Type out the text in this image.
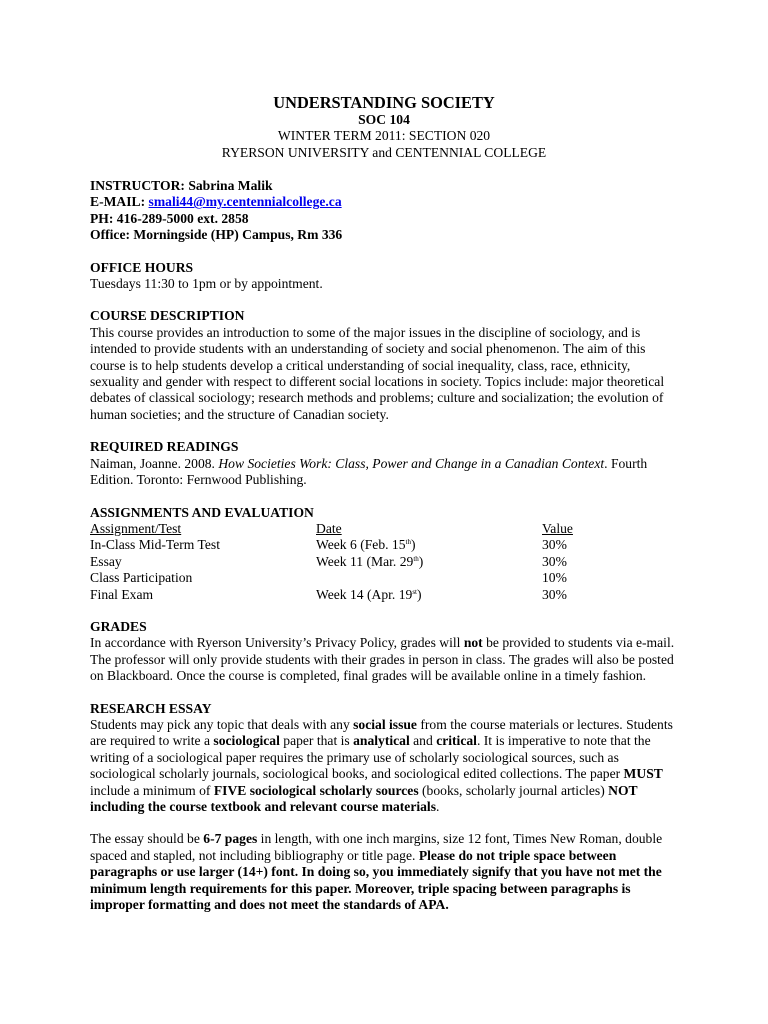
UNDERSTANDING SOCIETY
SOC 104
WINTER TERM 2011: SECTION 020
RYERSON UNIVERSITY and CENTENNIAL COLLEGE
INSTRUCTOR: Sabrina Malik
E-MAIL: smali44@my.centennialcollege.ca
PH: 416-289-5000 ext. 2858
Office: Morningside (HP) Campus, Rm 336
OFFICE HOURS
Tuesdays 11:30 to 1pm or by appointment.
COURSE DESCRIPTION
This course provides an introduction to some of the major issues in the discipline of sociology, and is intended to provide students with an understanding of society and social phenomenon. The aim of this course is to help students develop a critical understanding of social inequality, class, race, ethnicity, sexuality and gender with respect to different social locations in society. Topics include: major theoretical debates of classical sociology; research methods and problems; culture and socialization; the evolution of human societies; and the structure of Canadian society.
REQUIRED READINGS
Naiman, Joanne. 2008. How Societies Work: Class, Power and Change in a Canadian Context. Fourth Edition. Toronto: Fernwood Publishing.
ASSIGNMENTS AND EVALUATION
Assignment/Test	Date	Value
In-Class Mid-Term Test	Week 6 (Feb. 15th)	30%
Essay	Week 11 (Mar. 29th)	30%
Class Participation		10%
Final Exam	Week 14 (Apr. 19st)	30%
GRADES
In accordance with Ryerson University’s Privacy Policy, grades will not be provided to students via e-mail. The professor will only provide students with their grades in person in class. The grades will also be posted on Blackboard. Once the course is completed, final grades will be available online in a timely fashion.
RESEARCH ESSAY
Students may pick any topic that deals with any social issue from the course materials or lectures. Students are required to write a sociological paper that is analytical and critical. It is imperative to note that the writing of a sociological paper requires the primary use of scholarly sociological sources, such as sociological scholarly journals, sociological books, and sociological edited collections. The paper MUST include a minimum of FIVE sociological scholarly sources (books, scholarly journal articles) NOT including the course textbook and relevant course materials.
The essay should be 6-7 pages in length, with one inch margins, size 12 font, Times New Roman, double spaced and stapled, not including bibliography or title page. Please do not triple space between paragraphs or use larger (14+) font. In doing so, you immediately signify that you have not met the minimum length requirements for this paper. Moreover, triple spacing between paragraphs is improper formatting and does not meet the standards of APA.
